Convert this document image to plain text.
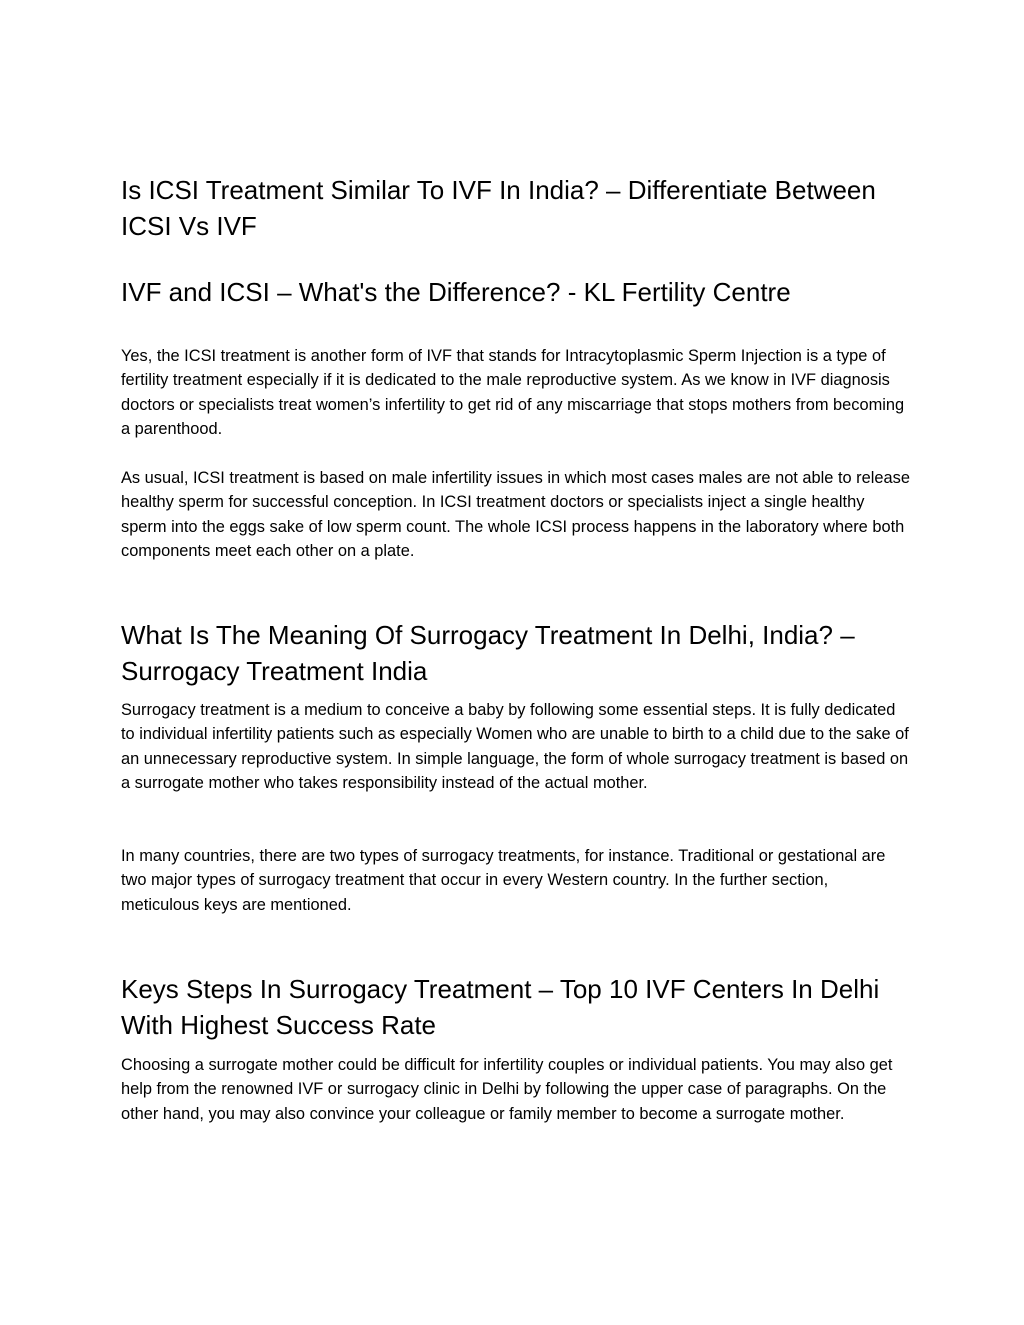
Is ICSI Treatment Similar To IVF In India? – Differentiate Between ICSI Vs IVF
IVF and ICSI – What's the Difference? - KL Fertility Centre

Yes, the ICSI treatment is another form of IVF that stands for Intracytoplasmic Sperm Injection is a type of fertility treatment especially if it is dedicated to the male reproductive system. As we know in IVF diagnosis doctors or specialists treat women’s infertility to get rid of any miscarriage that stops mothers from becoming a parenthood.

As usual, ICSI treatment is based on male infertility issues in which most cases males are not able to release healthy sperm for successful conception. In ICSI treatment doctors or specialists inject a single healthy sperm into the eggs sake of low sperm count. The whole ICSI process happens in the laboratory where both components meet each other on a plate.

What Is The Meaning Of Surrogacy Treatment In Delhi, India? – Surrogacy Treatment India

Surrogacy treatment is a medium to conceive a baby by following some essential steps. It is fully dedicated to individual infertility patients such as especially Women who are unable to birth to a child due to the sake of an unnecessary reproductive system. In simple language, the form of whole surrogacy treatment is based on a surrogate mother who takes responsibility instead of the actual mother.

In many countries, there are two types of surrogacy treatments, for instance. Traditional or gestational are two major types of surrogacy treatment that occur in every Western country. In the further section, meticulous keys are mentioned.

Keys Steps In Surrogacy Treatment – Top 10 IVF Centers In Delhi With Highest Success Rate

Choosing a surrogate mother could be difficult for infertility couples or individual patients. You may also get help from the renowned IVF or surrogacy clinic in Delhi by following the upper case of paragraphs. On the other hand, you may also convince your colleague or family member to become a surrogate mother.
